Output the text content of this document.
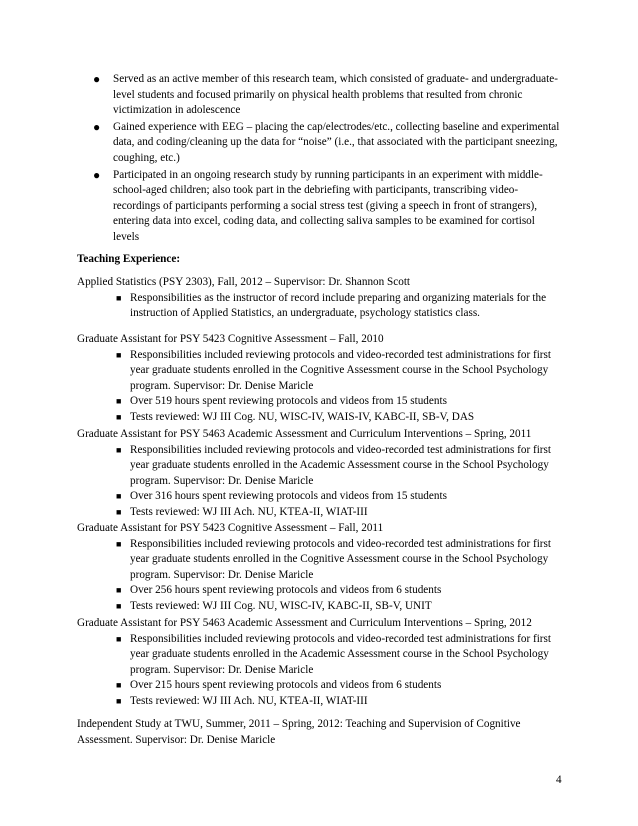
● Served as an active member of this research team, which consisted of graduate- and undergraduate-level students and focused primarily on physical health problems that resulted from chronic victimization in adolescence
● Gained experience with EEG – placing the cap/electrodes/etc., collecting baseline and experimental data, and coding/cleaning up the data for “noise” (i.e., that associated with the participant sneezing, coughing, etc.)
● Participated in an ongoing research study by running participants in an experiment with middle-school-aged children; also took part in the debriefing with participants, transcribing video-recordings of participants performing a social stress test (giving a speech in front of strangers), entering data into excel, coding data, and collecting saliva samples to be examined for cortisol levels
Teaching Experience:
Applied Statistics (PSY 2303), Fall, 2012 – Supervisor: Dr. Shannon Scott
■ Responsibilities as the instructor of record include preparing and organizing materials for the instruction of Applied Statistics, an undergraduate, psychology statistics class.
Graduate Assistant for PSY 5423 Cognitive Assessment – Fall, 2010
■ Responsibilities included reviewing protocols and video-recorded test administrations for first year graduate students enrolled in the Cognitive Assessment course in the School Psychology program. Supervisor: Dr. Denise Maricle
■ Over 519 hours spent reviewing protocols and videos from 15 students
■ Tests reviewed: WJ III Cog. NU, WISC-IV, WAIS-IV, KABC-II, SB-V, DAS
Graduate Assistant for PSY 5463 Academic Assessment and Curriculum Interventions – Spring, 2011
■ Responsibilities included reviewing protocols and video-recorded test administrations for first year graduate students enrolled in the Academic Assessment course in the School Psychology program. Supervisor: Dr. Denise Maricle
■ Over 316 hours spent reviewing protocols and videos from 15 students
■ Tests reviewed: WJ III Ach. NU, KTEA-II, WIAT-III
Graduate Assistant for PSY 5423 Cognitive Assessment – Fall, 2011
■ Responsibilities included reviewing protocols and video-recorded test administrations for first year graduate students enrolled in the Cognitive Assessment course in the School Psychology program. Supervisor: Dr. Denise Maricle
■ Over 256 hours spent reviewing protocols and videos from 6 students
■ Tests reviewed: WJ III Cog. NU, WISC-IV, KABC-II, SB-V, UNIT
Graduate Assistant for PSY 5463 Academic Assessment and Curriculum Interventions – Spring, 2012
■ Responsibilities included reviewing protocols and video-recorded test administrations for first year graduate students enrolled in the Academic Assessment course in the School Psychology program. Supervisor: Dr. Denise Maricle
■ Over 215 hours spent reviewing protocols and videos from 6 students
■ Tests reviewed: WJ III Ach. NU, KTEA-II, WIAT-III
Independent Study at TWU, Summer, 2011 – Spring, 2012: Teaching and Supervision of Cognitive Assessment. Supervisor: Dr. Denise Maricle
4
